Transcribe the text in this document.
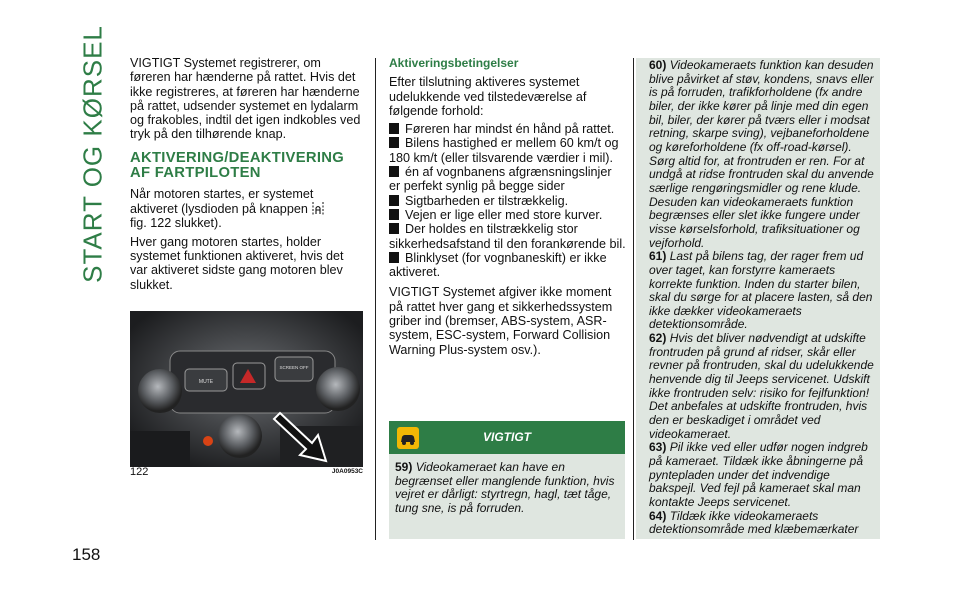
START OG KØRSEL
158

VIGTIGT Systemet registrerer, om føreren har hænderne på rattet. Hvis det ikke registreres, at føreren har hænderne på rattet, udsender systemet en lydalarm og frakobles, indtil det igen indkobles ved tryk på den tilhørende knap.

AKTIVERING/DEAKTIVERING AF FARTPILOTEN

Når motoren startes, er systemet aktiveret (lysdioden på knappen

fig. 122 slukket).

Hver gang motoren startes, holder systemet funktionen aktiveret, hvis det var aktiveret sidste gang motoren blev slukket.

MUTE
SCREEN OFF
122	J0A0953C
Aktiveringsbetingelser

Efter tilslutning aktiveres systemet udelukkende ved tilstedeværelse af følgende forhold:

Føreren har mindst én hånd på rattet.
Bilens hastighed er mellem 60 km/t og 180 km/t (eller tilsvarende værdier i mil).
én af vognbanens afgrænsningslinjer er perfekt synlig på begge sider
Sigtbarheden er tilstrækkelig.
Vejen er lige eller med store kurver.
Der holdes en tilstrækkelig stor sikkerhedsafstand til den forankørende bil.
Blinklyset (for vognbaneskift) er ikke aktiveret.

VIGTIGT Systemet afgiver ikke moment på rattet hver gang et sikkerhedssystem griber ind (bremser, ABS-system, ASR-system, ESC-system, Forward Collision Warning Plus-system osv.).

VIGTIGT
59) Videokameraet kan have en begrænset eller manglende funktion, hvis vejret er dårligt: styrtregn, hagl, tæt tåge, tung sne, is på forruden.
60) Videokameraets funktion kan desuden blive påvirket af støv, kondens, snavs eller is på forruden, trafikforholdene (fx andre biler, der ikke kører på linje med din egen bil, biler, der kører på tværs eller i modsat retning, skarpe sving), vejbaneforholdene og køreforholdene (fx off-road-kørsel). Sørg altid for, at frontruden er ren. For at undgå at ridse frontruden skal du anvende særlige rengøringsmidler og rene klude. Desuden kan videokameraets funktion begrænses eller slet ikke fungere under visse kørselsforhold, trafiksituationer og vejforhold.
61) Last på bilens tag, der rager frem ud over taget, kan forstyrre kameraets korrekte funktion. Inden du starter bilen, skal du sørge for at placere lasten, så den ikke dækker videokameraets detektionsområde.
62) Hvis det bliver nødvendigt at udskifte frontruden på grund af ridser, skår eller revner på frontruden, skal du udelukkende henvende dig til Jeeps servicenet. Udskift ikke frontruden selv: risiko for fejlfunktion! Det anbefales at udskifte frontruden, hvis den er beskadiget i området ved videokameraet.
63) Pil ikke ved eller udfør nogen indgreb på kameraet. Tildæk ikke åbningerne på pyntepladen under det indvendige bakspejl. Ved fejl på kameraet skal man kontakte Jeeps servicenet.
64) Tildæk ikke videokameraets detektionsområde med klæbemærkater
